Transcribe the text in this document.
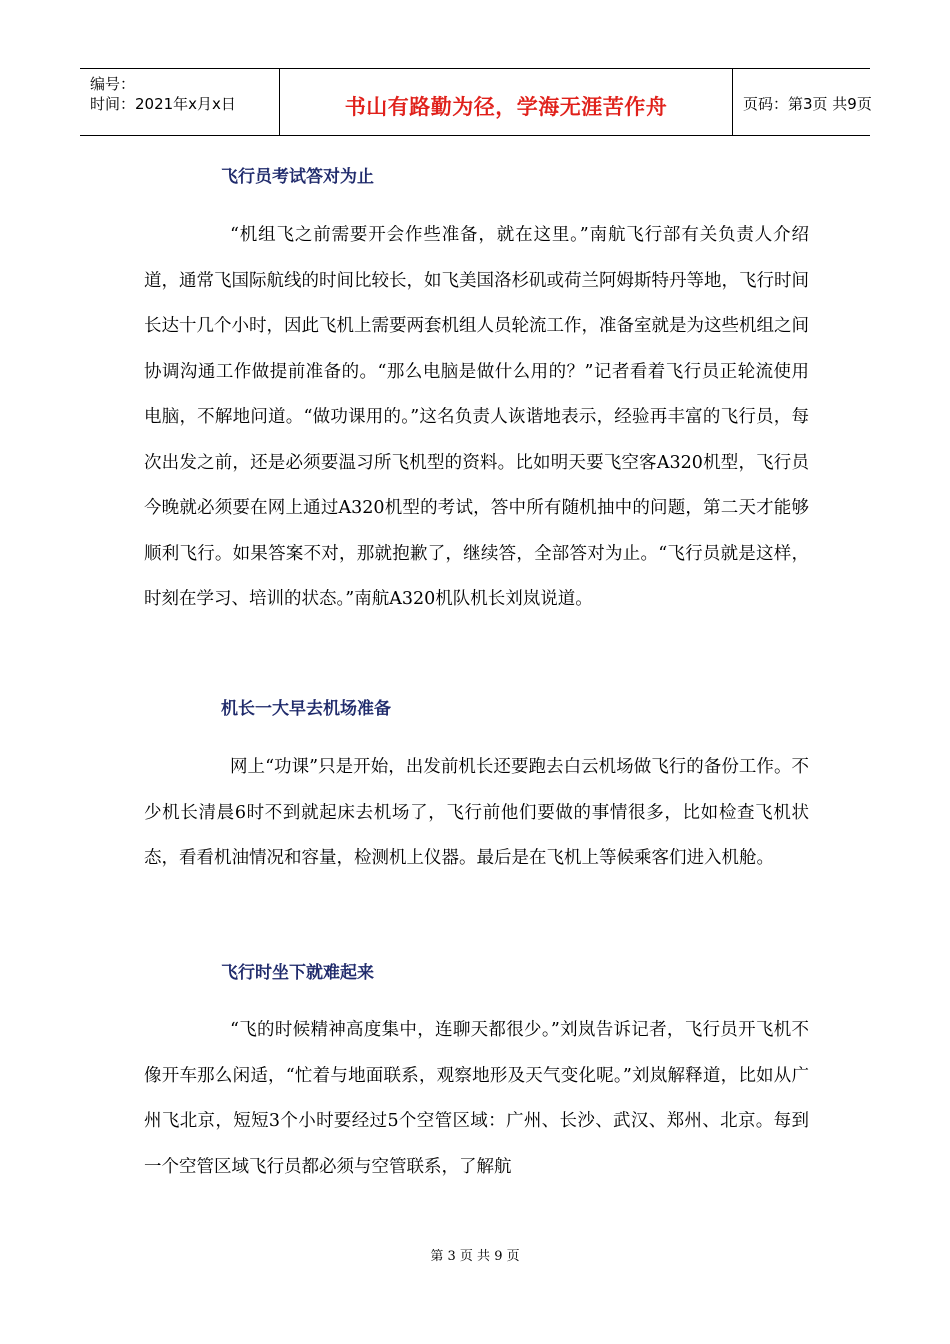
编号：
时间：2021年x月x日	书山有路勤为径，学海无涯苦作舟	页码：第3页 共9页
飞行员考试答对为止

“机组飞之前需要开会作些准备，就在这里。”南航飞行部有关负责人介绍道，通常飞国际航线的时间比较长，如飞美国洛杉矶或荷兰阿姆斯特丹等地，飞行时间长达十几个小时，因此飞机上需要两套机组人员轮流工作，准备室就是为这些机组之间协调沟通工作做提前准备的。“那么电脑是做什么用的？”记者看着飞行员正轮流使用电脑，不解地问道。“做功课用的。”这名负责人诙谐地表示，经验再丰富的飞行员，每次出发之前，还是必须要温习所飞机型的资料。比如明天要飞空客A320机型，飞行员今晚就必须要在网上通过A320机型的考试，答中所有随机抽中的问题，第二天才能够顺利飞行。如果答案不对，那就抱歉了，继续答，全部答对为止。“飞行员就是这样，时刻在学习、培训的状态。”南航A320机队机长刘岚说道。

机长一大早去机场准备

网上“功课”只是开始，出发前机长还要跑去白云机场做飞行的备份工作。不少机长清晨6时不到就起床去机场了，飞行前他们要做的事情很多，比如检查飞机状态，看看机油情况和容量，检测机上仪器。最后是在飞机上等候乘客们进入机舱。

飞行时坐下就难起来

“飞的时候精神高度集中，连聊天都很少。”刘岚告诉记者，飞行员开飞机不像开车那么闲适，“忙着与地面联系，观察地形及天气变化呢。”刘岚解释道，比如从广州飞北京，短短3个小时要经过5个空管区域：广州、长沙、武汉、郑州、北京。每到一个空管区域飞行员都必须与空管联系，了解航

第 3 页 共 9 页
